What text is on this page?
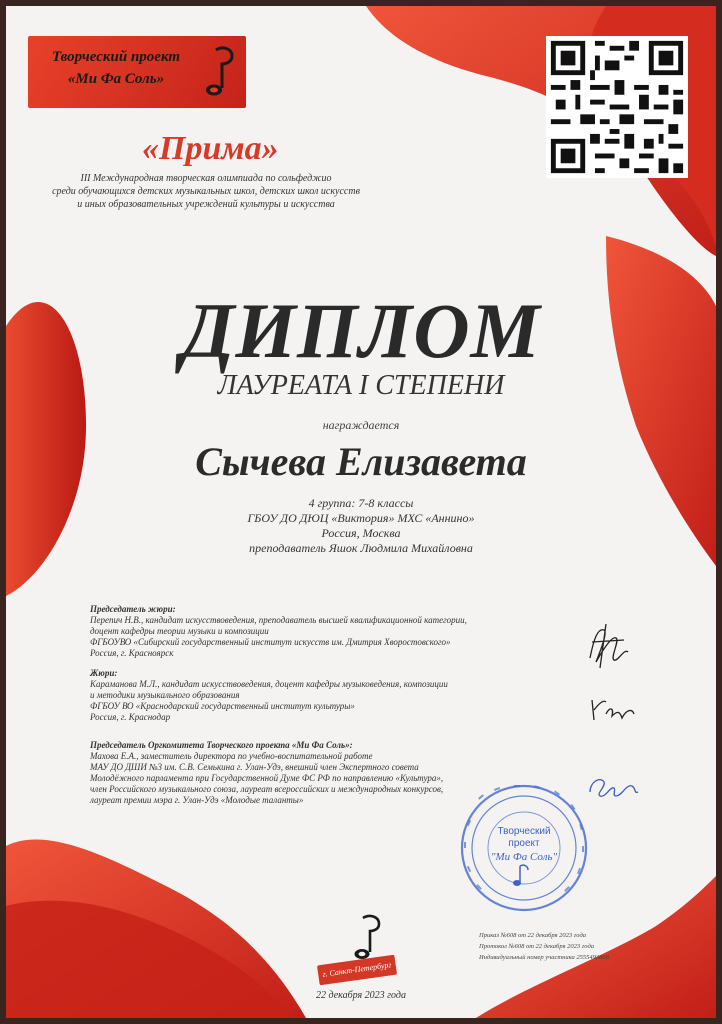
Творческий проект
«Ми Фа Соль»
«Прима»
III Международная творческая олимпиада по сольфеджио
среди обучающихся детских музыкальных школ, детских школ искусств
и иных образовательных учреждений культуры и искусства
ДИПЛОМ
ЛАУРЕАТА I СТЕПЕНИ
награждается
Сычева Елизавета
4 группа: 7-8 классы
ГБОУ ДО ДЮЦ «Виктория» МХС «Аннино»
Россия, Москва
преподаватель Яшок Людмила Михайловна
Председатель жюри:
Перепич Н.В., кандидат искусствоведения, преподаватель высшей квалификационной категории,
доцент кафедры теории музыки и композиции
ФГБОУВО «Сибирский государственный институт искусств им. Дмитрия Хворостовского»
Россия, г. Красноярск
Жюри:
Караманова М.Л., кандидат искусствоведения, доцент кафедры музыковедения, композиции
и методики музыкального образования
ФГБОУ ВО «Краснодарский государственный институт культуры»
Россия, г. Краснодар
Председатель Оргкомитета Творческого проекта «Ми Фа Соль»:
Махова Е.А., заместитель директора по учебно-воспитательной работе
МАУ ДО ДШИ №3 им. С.В. Семькина г. Улан-Удэ, внешний член Экспертного совета
Молодёжного парламента при Государственной Думе ФС РФ по направлению «Культура»,
член Российского музыкального союза, лауреат всероссийских и международных конкурсов,
лауреат премии мэра г. Улан-Удэ «Молодые таланты»
Творческий
проект
"Ми Фа Соль"
г. Санкт-Петербург
22 декабря 2023 года
Приказ №608 от 22 декабря 2023 года
Протокол №608 от 22 декабря 2023 года
Индивидуальный номер участника 2555493868
